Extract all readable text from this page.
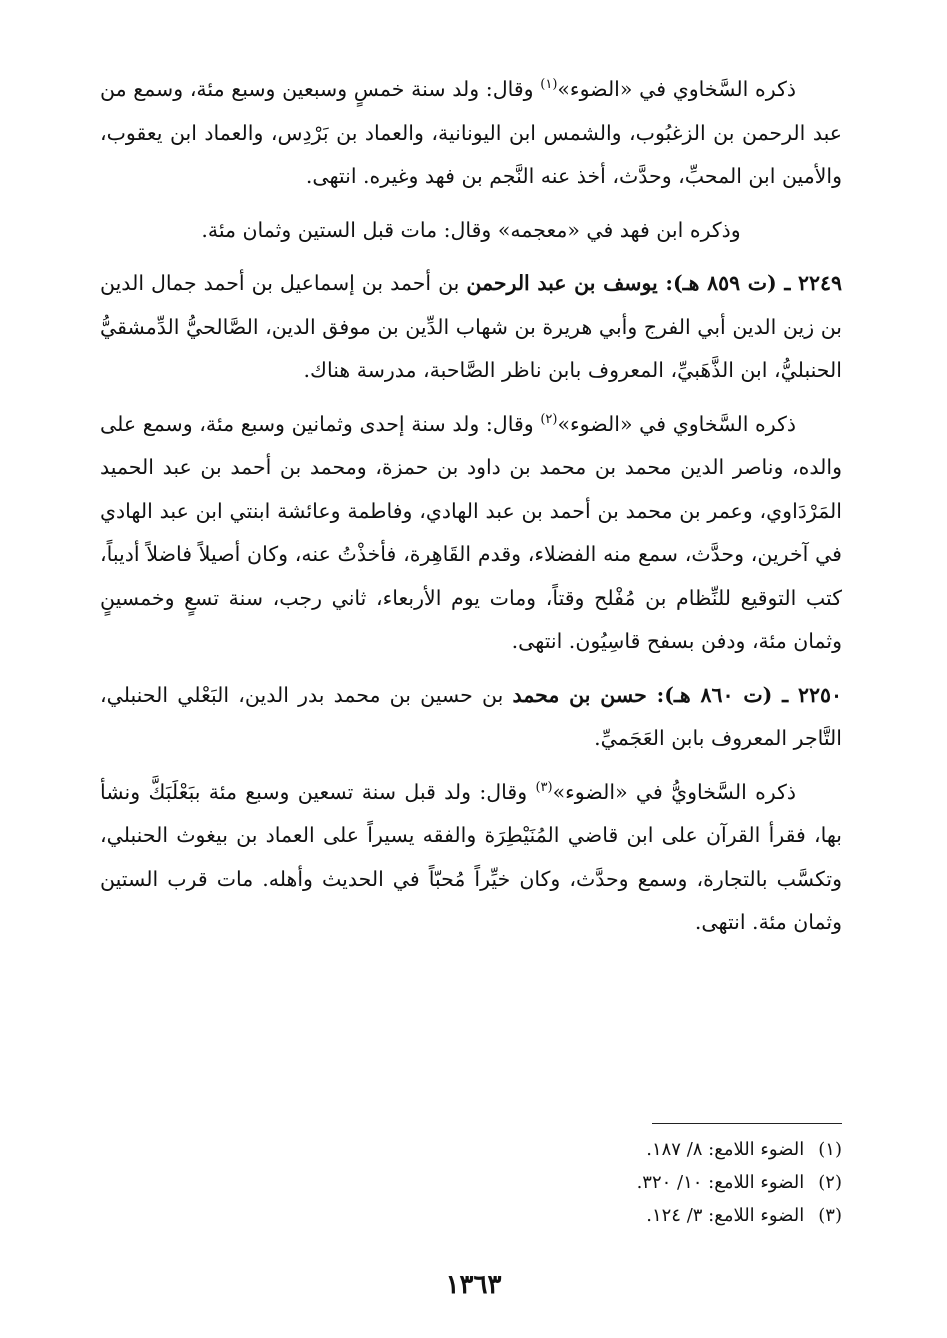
ذكره السَّخاوي في «الضوء»$^{(١)}$ وقال: ولد سنة خمسٍ وسبعين وسبع مئة، وسمع من عبد الرحمن بن الزغبُوب، والشمس ابن اليونانية، والعماد بن بَرْدِس، والعماد ابن يعقوب، والأمين ابن المحبِّ، وحدَّث، أخذ عنه النَّجم بن فهد وغيره. انتهى.

وذكره ابن فهد في «معجمه» وقال: مات قبل الستين وثمان مئة.

٢٢٤٩ ـ (ت ٨٥٩ هـ): يوسف بن عبد الرحمن بن أحمد بن إسماعيل بن أحمد جمال الدين بن زين الدين أبي الفرج وأبي هريرة بن شهاب الدِّين بن موفق الدين، الصَّالحيُّ الدِّمشقيُّ الحنبليُّ، ابن الذَّهَبيِّ، المعروف بابن ناظر الصَّاحبة، مدرسة هناك.

ذكره السَّخاوي في «الضوء»$^{(٢)}$ وقال: ولد سنة إحدى وثمانين وسبع مئة، وسمع على والده، وناصر الدين محمد بن محمد بن داود بن حمزة، ومحمد بن أحمد بن عبد الحميد المَرْدَاوي، وعمر بن محمد بن أحمد بن عبد الهادي، وفاطمة وعائشة ابنتي ابن عبد الهادي في آخرين، وحدَّث، سمع منه الفضلاء، وقدم القَاهِرة، فأخذْتُ عنه، وكان أصيلاً فاضلاً أديباً، كتب التوقيع للنِّظام بن مُفْلح وقتاً، ومات يوم الأربعاء، ثاني رجب، سنة تسعٍ وخمسينٍ وثمان مئة، ودفن بسفح قاسِيُون. انتهى.

٢٢٥٠ ـ (ت ٨٦٠ هـ): حسن بن محمد بن حسين بن محمد بدر الدين، البَعْلي الحنبلي، التَّاجر المعروف بابن العَجَميِّ.

ذكره السَّخاويُّ في «الضوء»$^{(٣)}$ وقال: ولد قبل سنة تسعين وسبع مئة ببَعْلَبَكَّ ونشأ بها، فقرأ القرآن على ابن قاضي المُنَيْطِرَة والفقه يسيراً على العماد بن بيغوث الحنبلي، وتكسَّب بالتجارة، وسمع وحدَّث، وكان خيِّراً مُحبّاً في الحديث وأهله. مات قرب الستين وثمان مئة. انتهى.

(١)الضوء اللامع: ٨/ ١٨٧.
(٢)الضوء اللامع: ١٠/ ٣٢٠.
(٣)الضوء اللامع: ٣/ ١٢٤.
١٣٦٣
